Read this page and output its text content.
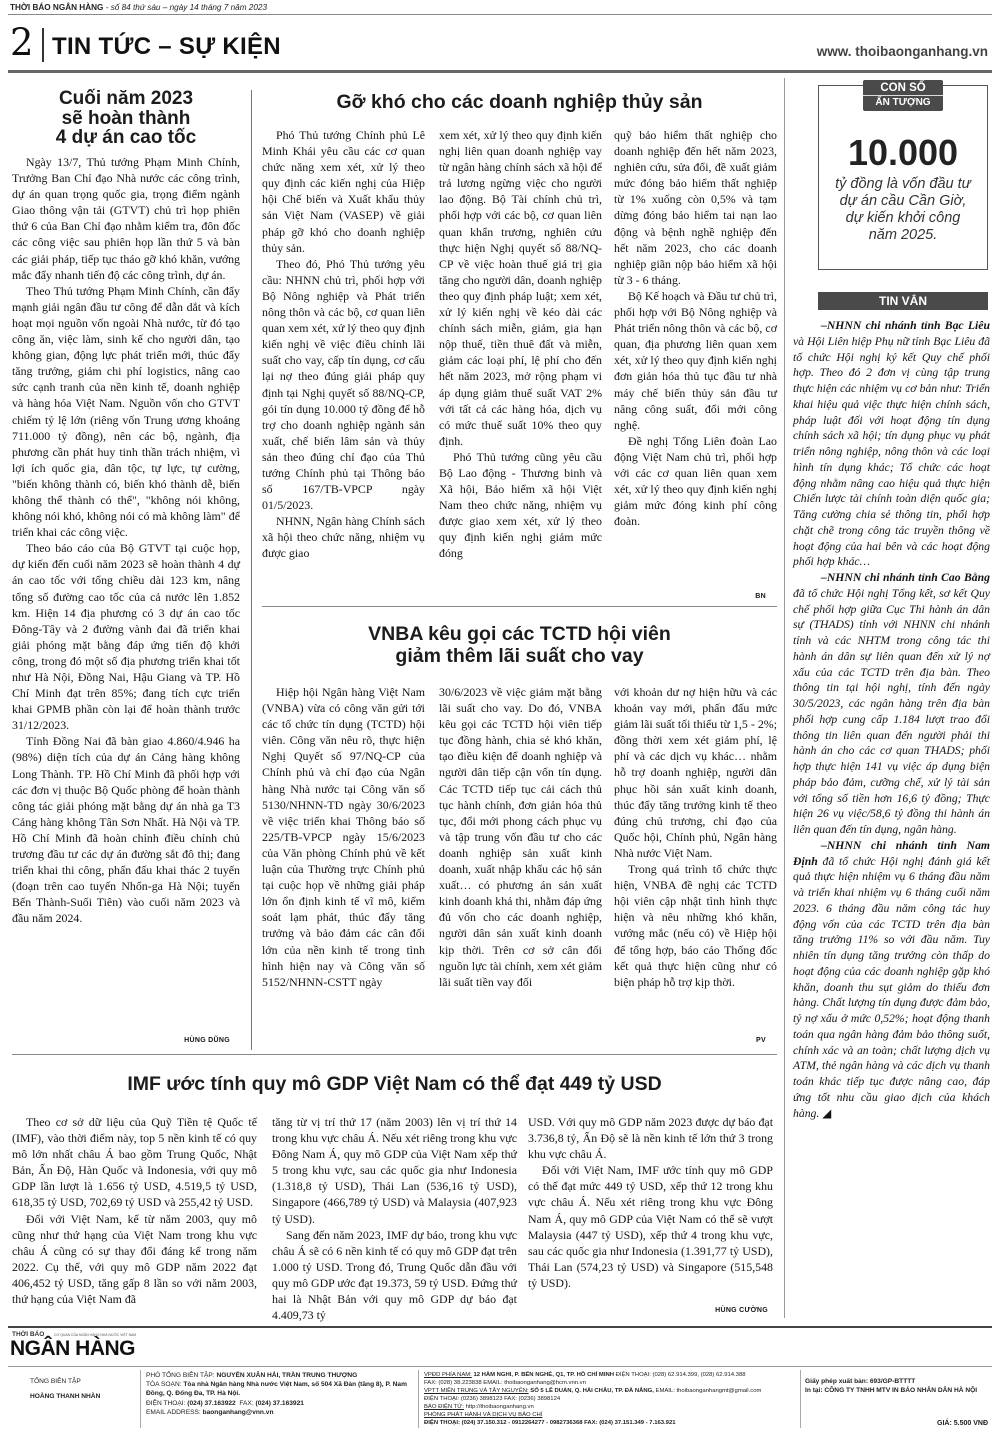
THỜI BÁO NGÂN HÀNG - số 84 thứ sáu – ngày 14 tháng 7 năm 2023
2 TIN TỨC – SỰ KIỆN	www. thoibaonganhang.vn
Cuối năm 2023
sẽ hoàn thành
4 dự án cao tốc

Ngày 13/7, Thủ tướng Phạm Minh Chính, Trưởng Ban Chỉ đạo Nhà nước các công trình, dự án quan trọng quốc gia, trọng điểm ngành Giao thông vận tải (GTVT) chủ trì họp phiên thứ 6 của Ban Chỉ đạo nhằm kiểm tra, đôn đốc các công việc sau phiên họp lần thứ 5 và bàn các giải pháp, tiếp tục tháo gỡ khó khăn, vướng mắc đẩy nhanh tiến độ các công trình, dự án.

Theo Thủ tướng Phạm Minh Chính, cần đẩy mạnh giải ngân đầu tư công để dẫn dắt và kích hoạt mọi nguồn vốn ngoài Nhà nước, từ đó tạo công ăn, việc làm, sinh kế cho người dân, tạo không gian, động lực phát triển mới, thúc đẩy tăng trưởng, giảm chi phí logistics, nâng cao sức cạnh tranh của nền kinh tế, doanh nghiệp và hàng hóa Việt Nam. Nguồn vốn cho GTVT chiếm tỷ lệ lớn (riêng vốn Trung ương khoảng 711.000 tỷ đồng), nên các bộ, ngành, địa phương cần phát huy tinh thần trách nhiệm, vì lợi ích quốc gia, dân tộc, tự lực, tự cường, "biến không thành có, biến khó thành dễ, biến không thể thành có thể", "không nói không, không nói khó, không nói có mà không làm" để triển khai các công việc.

Theo báo cáo của Bộ GTVT tại cuộc họp, dự kiến đến cuối năm 2023 sẽ hoàn thành 4 dự án cao tốc với tổng chiều dài 123 km, nâng tổng số đường cao tốc của cả nước lên 1.852 km. Hiện 14 địa phương có 3 dự án cao tốc Đông-Tây và 2 đường vành đai đã triển khai giải phóng mặt bằng đáp ứng tiến độ khởi công, trong đó một số địa phương triển khai tốt như Hà Nội, Đồng Nai, Hậu Giang và TP. Hồ Chí Minh đạt trên 85%; đang tích cực triển khai GPMB phần còn lại để hoàn thành trước 31/12/2023.

Tỉnh Đồng Nai đã bàn giao 4.860/4.946 ha (98%) diện tích của dự án Cảng hàng không Long Thành. TP. Hồ Chí Minh đã phối hợp với các đơn vị thuộc Bộ Quốc phòng để hoàn thành công tác giải phóng mặt bằng dự án nhà ga T3 Cảng hàng không Tân Sơn Nhất. Hà Nội và TP. Hồ Chí Minh đã hoàn chỉnh điều chỉnh chủ trương đầu tư các dự án đường sắt đô thị; đang triển khai thi công, phấn đấu khai thác 2 tuyến (đoạn trên cao tuyến Nhổn-ga Hà Nội; tuyến Bến Thành-Suối Tiên) vào cuối năm 2023 và đầu năm 2024.

HÙNG DŨNG
Gỡ khó cho các doanh nghiệp thủy sản

Phó Thủ tướng Chính phủ Lê Minh Khái yêu cầu các cơ quan chức năng xem xét, xử lý theo quy định các kiến nghị của Hiệp hội Chế biến và Xuất khẩu thủy sản Việt Nam (VASEP) về giải pháp gỡ khó cho doanh nghiệp thủy sản.

Theo đó, Phó Thủ tướng yêu cầu: NHNN chủ trì, phối hợp với Bộ Nông nghiệp và Phát triển nông thôn và các bộ, cơ quan liên quan xem xét, xử lý theo quy định kiến nghị về việc điều chỉnh lãi suất cho vay, cấp tín dụng, cơ cấu lại nợ theo đúng giải pháp quy định tại Nghị quyết số 88/NQ-CP, gói tín dụng 10.000 tỷ đồng để hỗ trợ cho doanh nghiệp ngành sản xuất, chế biến lâm sản và thủy sản theo đúng chỉ đạo của Thủ tướng Chính phủ tại Thông báo số 167/TB-VPCP ngày 01/5/2023.

NHNN, Ngân hàng Chính sách xã hội theo chức năng, nhiệm vụ được giao

xem xét, xử lý theo quy định kiến nghị liên quan doanh nghiệp vay từ ngân hàng chính sách xã hội để trả lương ngừng việc cho người lao động. Bộ Tài chính chủ trì, phối hợp với các bộ, cơ quan liên quan khẩn trương, nghiên cứu thực hiện Nghị quyết số 88/NQ-CP về việc hoàn thuế giá trị gia tăng cho người dân, doanh nghiệp theo quy định pháp luật; xem xét, xử lý kiến nghị về kéo dài các chính sách miễn, giảm, gia hạn nộp thuế, tiền thuê đất và miễn, giảm các loại phí, lệ phí cho đến hết năm 2023, mở rộng phạm vi áp dụng giảm thuế suất VAT 2% với tất cả các hàng hóa, dịch vụ có mức thuế suất 10% theo quy định.

Phó Thủ tướng cũng yêu cầu Bộ Lao động - Thương binh và Xã hội, Bảo hiểm xã hội Việt Nam theo chức năng, nhiệm vụ được giao xem xét, xử lý theo quy định kiến nghị giảm mức đóng

quỹ bảo hiểm thất nghiệp cho doanh nghiệp đến hết năm 2023, nghiên cứu, sửa đổi, đề xuất giảm mức đóng bảo hiểm thất nghiệp từ 1% xuống còn 0,5% và tạm dừng đóng bảo hiểm tai nạn lao động và bệnh nghề nghiệp đến hết năm 2023, cho các doanh nghiệp giãn nộp bảo hiểm xã hội từ 3 - 6 tháng.

Bộ Kế hoạch và Đầu tư chủ trì, phối hợp với Bộ Nông nghiệp và Phát triển nông thôn và các bộ, cơ quan, địa phương liên quan xem xét, xử lý theo quy định kiến nghị đơn giản hóa thủ tục đầu tư nhà máy chế biến thủy sản đầu tư nâng công suất, đổi mới công nghệ.

Đề nghị Tổng Liên đoàn Lao động Việt Nam chủ trì, phối hợp với các cơ quan liên quan xem xét, xử lý theo quy định kiến nghị giảm mức đóng kinh phí công đoàn.

BN
VNBA kêu gọi các TCTD hội viên
giảm thêm lãi suất cho vay

Hiệp hội Ngân hàng Việt Nam (VNBA) vừa có công văn gửi tới các tổ chức tín dụng (TCTD) hội viên. Công văn nêu rõ, thực hiện Nghị Quyết số 97/NQ-CP của Chính phủ và chỉ đạo của Ngân hàng Nhà nước tại Công văn số 5130/NHNN-TD ngày 30/6/2023 về việc triển khai Thông báo số 225/TB-VPCP ngày 15/6/2023 của Văn phòng Chính phủ về kết luận của Thường trực Chính phủ tại cuộc họp về những giải pháp lớn ổn định kinh tế vĩ mô, kiểm soát lạm phát, thúc đẩy tăng trưởng và bảo đảm các cân đối lớn của nền kinh tế trong tình hình hiện nay và Công văn số 5152/NHNN-CSTT ngày

30/6/2023 về việc giảm mặt bằng lãi suất cho vay. Do đó, VNBA kêu gọi các TCTD hội viên tiếp tục đồng hành, chia sẻ khó khăn, tạo điều kiện để doanh nghiệp và người dân tiếp cận vốn tín dụng. Các TCTD tiếp tục cải cách thủ tục hành chính, đơn giản hóa thủ tục, đổi mới phong cách phục vụ và tập trung vốn đầu tư cho các doanh nghiệp sản xuất kinh doanh, xuất nhập khẩu các hộ sản xuất… có phương án sản xuất kinh doanh khả thi, nhằm đáp ứng đủ vốn cho các doanh nghiệp, người dân sản xuất kinh doanh kịp thời. Trên cơ sở cân đối nguồn lực tài chính, xem xét giảm lãi suất tiền vay đối

với khoản dư nợ hiện hữu và các khoản vay mới, phấn đấu mức giảm lãi suất tối thiểu từ 1,5 - 2%; đồng thời xem xét giảm phí, lệ phí và các dịch vụ khác… nhằm hỗ trợ doanh nghiệp, người dân phục hồi sản xuất kinh doanh, thúc đẩy tăng trưởng kinh tế theo đúng chủ trương, chỉ đạo của Quốc hội, Chính phủ, Ngân hàng Nhà nước Việt Nam.

Trong quá trình tổ chức thực hiện, VNBA đề nghị các TCTD hội viên cập nhật tình hình thực hiện và nêu những khó khăn, vướng mắc (nếu có) về Hiệp hội để tổng hợp, báo cáo Thống đốc kết quả thực hiện cũng như có biện pháp hỗ trợ kịp thời.

PV
IMF ước tính quy mô GDP Việt Nam có thể đạt 449 tỷ USD

Theo cơ sở dữ liệu của Quỹ Tiền tệ Quốc tế (IMF), vào thời điểm này, top 5 nền kinh tế có quy mô lớn nhất châu Á bao gồm Trung Quốc, Nhật Bản, Ấn Độ, Hàn Quốc và Indonesia, với quy mô GDP lần lượt là 1.656 tỷ USD, 4.519,5 tỷ USD, 618,35 tỷ USD, 702,69 tỷ USD và 255,42 tỷ USD.

Đối với Việt Nam, kể từ năm 2003, quy mô cũng như thứ hạng của Việt Nam trong khu vực châu Á cũng có sự thay đổi đáng kể trong năm 2022. Cụ thể, với quy mô GDP năm 2022 đạt 406,452 tỷ USD, tăng gấp 8 lần so với năm 2003, thứ hạng của Việt Nam đã

tăng từ vị trí thứ 17 (năm 2003) lên vị trí thứ 14 trong khu vực châu Á. Nếu xét riêng trong khu vực Đông Nam Á, quy mô GDP của Việt Nam xếp thứ 5 trong khu vực, sau các quốc gia như Indonesia (1.318,8 tỷ USD), Thái Lan (536,16 tỷ USD), Singapore (466,789 tỷ USD) và Malaysia (407,923 tỷ USD).

Sang đến năm 2023, IMF dự báo, trong khu vực châu Á sẽ có 6 nền kinh tế có quy mô GDP đạt trên 1.000 tỷ USD. Trong đó, Trung Quốc dẫn đầu với quy mô GDP ước đạt 19.373, 59 tỷ USD. Đứng thứ hai là Nhật Bản với quy mô GDP dự báo đạt 4.409,73 tỷ

USD. Với quy mô GDP năm 2023 được dự báo đạt 3.736,8 tỷ, Ấn Độ sẽ là nền kinh tế lớn thứ 3 trong khu vực châu Á.

Đối với Việt Nam, IMF ước tính quy mô GDP có thể đạt mức 449 tỷ USD, xếp thứ 12 trong khu vực châu Á. Nếu xét riêng trong khu vực Đông Nam Á, quy mô GDP của Việt Nam có thể sẽ vượt Malaysia (447 tỷ USD), xếp thứ 4 trong khu vực, sau các quốc gia như Indonesia (1.391,77 tỷ USD), Thái Lan (574,23 tỷ USD) và Singapore (515,548 tỷ USD).

HÙNG CƯỜNG
CON SỐ
ẤN TƯỢNG
10.000
tỷ đồng là vốn đầu tư dự án cầu Cần Giờ, dự kiến khởi công năm 2025.
TIN VẮN
–NHNN chi nhánh tỉnh Bạc Liêu và Hội Liên hiệp Phụ nữ tỉnh Bạc Liêu đã tổ chức Hội nghị ký kết Quy chế phối hợp. Theo đó 2 đơn vị cùng tập trung thực hiện các nhiệm vụ cơ bản như: Triển khai hiệu quả việc thực hiện chính sách, pháp luật đối với hoạt động tín dụng chính sách xã hội; tín dụng phục vụ phát triển nông nghiệp, nông thôn và các loại hình tín dụng khác; Tổ chức các hoạt động nhằm nâng cao hiệu quả thực hiện Chiến lược tài chính toàn diện quốc gia; Tăng cường chia sẻ thông tin, phối hợp chặt chẽ trong công tác truyền thông về hoạt động của hai bên và các hoạt động phối hợp khác…
–NHNN chi nhánh tỉnh Cao Bằng đã tổ chức Hội nghị Tổng kết, sơ kết Quy chế phối hợp giữa Cục Thi hành án dân sự (THADS) tỉnh với NHNN chi nhánh tỉnh và các NHTM trong công tác thi hành án dân sự liên quan đến xử lý nợ xấu của các TCTD trên địa bàn. Theo thông tin tại hội nghị, tính đến ngày 30/5/2023, các ngân hàng trên địa bàn phối hợp cung cấp 1.184 lượt trao đổi thông tin liên quan đến người phải thi hành án cho các cơ quan THADS; phối hợp thực hiện 141 vụ việc áp dụng biện pháp bảo đảm, cưỡng chế, xử lý tài sản với tổng số tiền hơn 16,6 tỷ đồng; Thực hiện 26 vụ việc/58,6 tỷ đồng thi hành án liên quan đến tín dụng, ngân hàng.
–NHNN chi nhánh tỉnh Nam Định đã tổ chức Hội nghị đánh giá kết quả thực hiện nhiệm vụ 6 tháng đầu năm và triển khai nhiệm vụ 6 tháng cuối năm 2023. 6 tháng đầu năm công tác huy động vốn của các TCTD trên địa bàn tăng trưởng 11% so với đầu năm. Tuy nhiên tín dụng tăng trưởng còn thấp do hoạt động của các doanh nghiệp gặp khó khăn, doanh thu sụt giảm do thiếu đơn hàng. Chất lượng tín dụng được đảm bảo, tỷ nợ xấu ở mức 0,52%; hoạt động thanh toán qua ngân hàng đảm bảo thông suốt, chính xác và an toàn; chất lượng dịch vụ ATM, thẻ ngân hàng và các dịch vụ thanh toán khác tiếp tục được nâng cao, đáp ứng tốt nhu cầu giao dịch của khách hàng. ◢
THỜI BÁO
NGÂN HÀNG
CƠ QUAN CỦA NGÂN HÀNG NHÀ NƯỚC VIỆT NAM
TỔNG BIÊN TẬP
HOÀNG THANH NHÀN
PHÓ TỔNG BIÊN TẬP: NGUYỄN XUÂN HẢI, TRẦN TRUNG THƯỢNG
TÒA SOẠN: Tòa nhà Ngân hàng Nhà nước Việt Nam, số 504 Xã Đàn (tầng 8), P. Nam Đồng, Q. Đống Đa, TP. Hà Nội.
ĐIỆN THOẠI: (024) 37.163922 FAX: (024) 37.163921
EMAIL ADDRESS: baonganhang@vnn.vn
VPĐD PHÍA NAM: 12 HÀM NGHI, P. BẾN NGHÉ, Q1, TP. HỒ CHÍ MINH ĐIỆN THOẠI: (028) 62.914.399, (028) 62.914.388
FAX: (028) 38.223838 EMAIL: thoibaonganhang@hcm.vnn.vn
VPTT MIỀN TRUNG VÀ TÂY NGUYÊN: SỐ 5 LÊ DUẨN, Q. HẢI CHÂU, TP. ĐÀ NẴNG, EMAIL: thoibaonganhangmt@gmail.com
ĐIỆN THOẠI: (0236) 3898123 FAX: (0236) 3898124
BÁO ĐIỆN TỬ: http://thoibaonganhang.vn
PHÒNG PHÁT HÀNH VÀ DỊCH VỤ BÁO CHÍ
ĐIỆN THOẠI: (024) 37.150.312 - 0912264277 - 0982736368 FAX: (024) 37.151.349 - 7.163.921
Giấy phép xuất bản: 693/GP-BTTTT
In tại: CÔNG TY TNHH MTV IN BÁO NHÂN DÂN HÀ NỘI
GIÁ: 5.500 VNĐ
